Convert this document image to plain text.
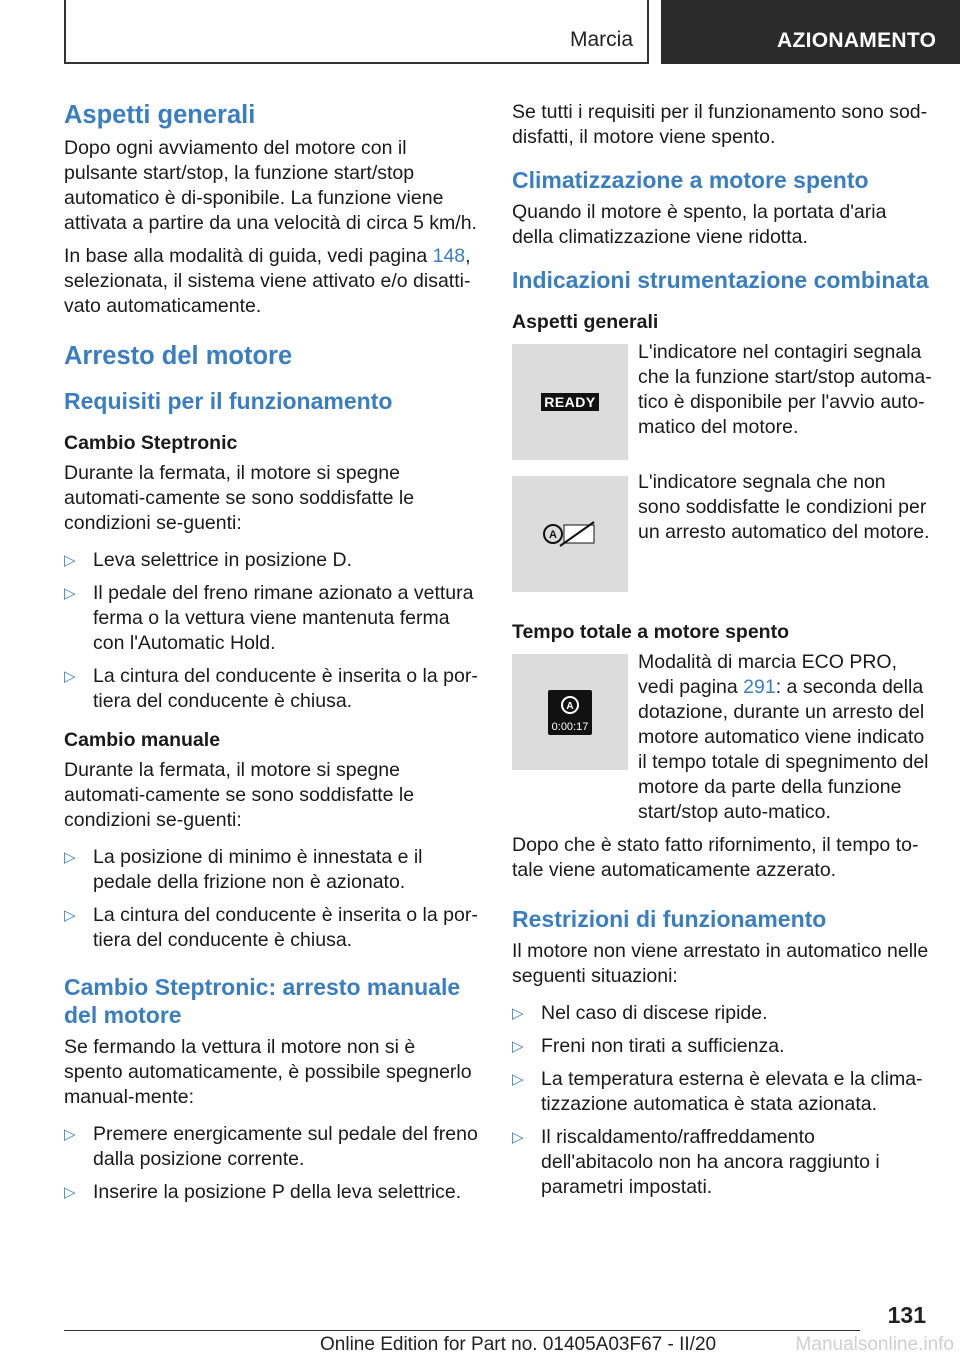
Marcia	AZIONAMENTO
Aspetti generali

Dopo ogni avviamento del motore con il pulsante start/stop, la funzione start/stop automatico è di-sponibile. La funzione viene attivata a partire da una velocità di circa 5 km/h.

In base alla modalità di guida, vedi pagina 148, selezionata, il sistema viene attivato e/o disatti-vato automaticamente.

Arresto del motore
Requisiti per il funzionamento
Cambio Steptronic

Durante la fermata, il motore si spegne automati-camente se sono soddisfatte le condizioni se-guenti:

▷ Leva selettrice in posizione D.
▷ Il pedale del freno rimane azionato a vettura ferma o la vettura viene mantenuta ferma con l'Automatic Hold.
▷ La cintura del conducente è inserita o la por-tiera del conducente è chiusa.
Cambio manuale

Durante la fermata, il motore si spegne automati-camente se sono soddisfatte le condizioni se-guenti:

▷ La posizione di minimo è innestata e il pedale della frizione non è azionato.
▷ La cintura del conducente è inserita o la por-tiera del conducente è chiusa.
Cambio Steptronic: arresto manuale del motore

Se fermando la vettura il motore non si è spento automaticamente, è possibile spegnerlo manual-mente:

▷ Premere energicamente sul pedale del freno dalla posizione corrente.
▷ Inserire la posizione P della leva selettrice.

Se tutti i requisiti per il funzionamento sono sod-disfatti, il motore viene spento.

Climatizzazione a motore spento

Quando il motore è spento, la portata d'aria della climatizzazione viene ridotta.

Indicazioni strumentazione combinata
Aspetti generali
READY

L'indicatore nel contagiri segnala che la funzione start/stop automa-tico è disponibile per l'avvio auto-matico del motore.

A

L'indicatore segnala che non sono soddisfatte le condizioni per un arresto automatico del motore.

Tempo totale a motore spento
A
0:00:17

Modalità di marcia ECO PRO, vedi pagina 291: a seconda della dotazione, durante un arresto del motore automatico viene indicato il tempo totale di spegnimento del motore da parte della funzione start/stop auto-matico.

Dopo che è stato fatto rifornimento, il tempo to-tale viene automaticamente azzerato.

Restrizioni di funzionamento

Il motore non viene arrestato in automatico nelle seguenti situazioni:

▷ Nel caso di discese ripide.
▷ Freni non tirati a sufficienza.
▷ La temperatura esterna è elevata e la clima-tizzazione automatica è stata azionata.
▷ Il riscaldamento/raffreddamento dell'abitacolo non ha ancora raggiunto i parametri impostati.
131
Online Edition for Part no. 01405A03F67 - II/20	Manualsonline.info
